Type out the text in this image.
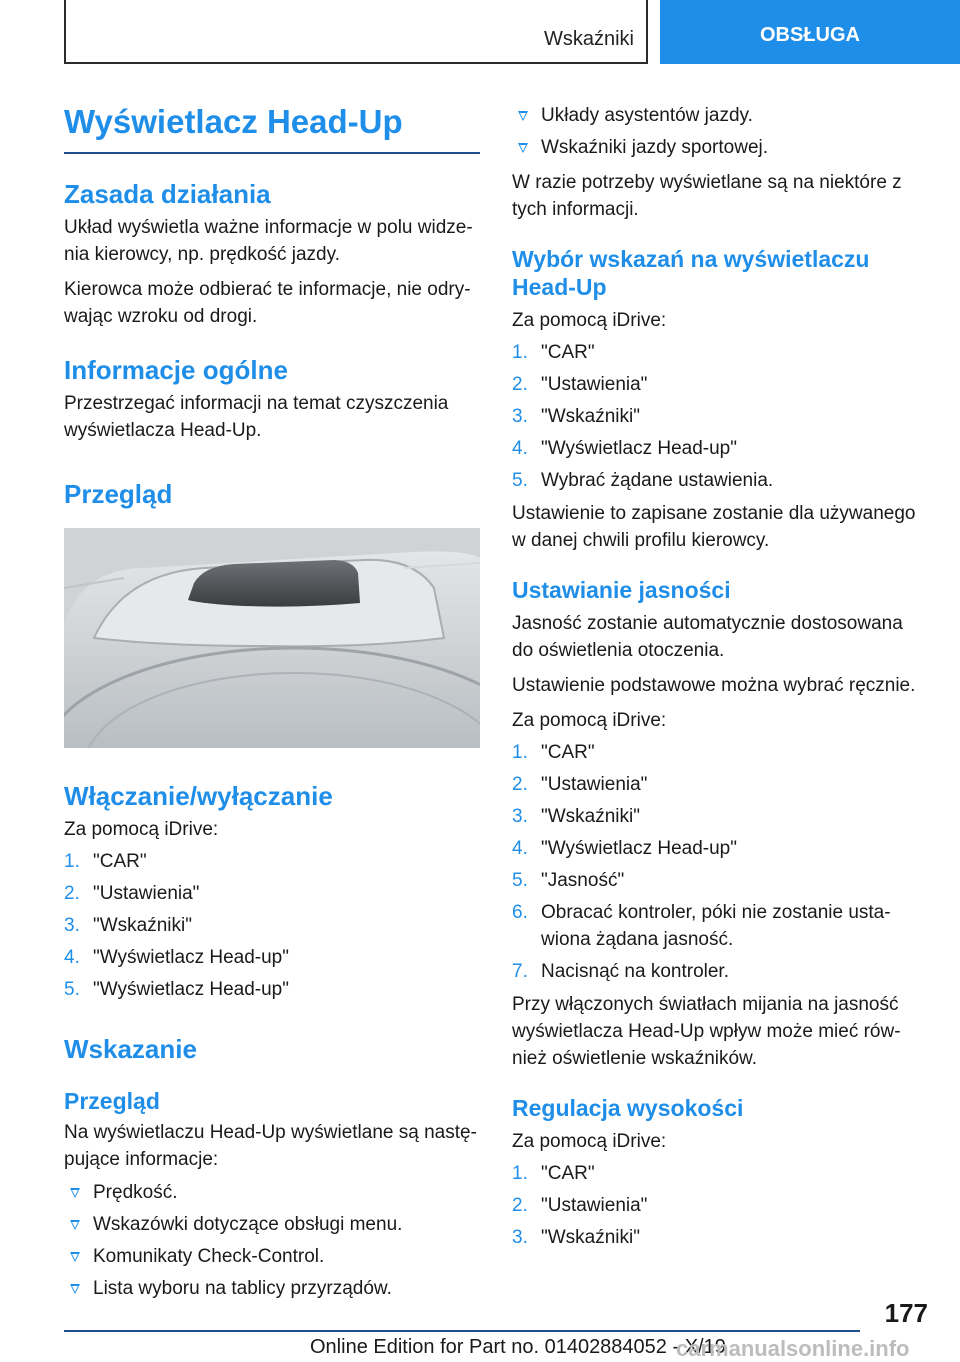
Wskaźniki	OBSŁUGA
Wyświetlacz Head-Up
Zasada działania

Układ wyświetla ważne informacje w polu widze-nia kierowcy, np. prędkość jazdy.

Kierowca może odbierać te informacje, nie odry-wając wzroku od drogi.

Informacje ogólne

Przestrzegać informacji na temat czyszczenia wyświetlacza Head-Up.

Przegląd
Włączanie/wyłączanie

Za pomocą iDrive:

1. "CAR"
2. "Ustawienia"
3. "Wskaźniki"
4. "Wyświetlacz Head-up"
5. "Wyświetlacz Head-up"
Wskazanie
Przegląd

Na wyświetlaczu Head-Up wyświetlane są nastę-pujące informacje:

Prędkość.
Wskazówki dotyczące obsługi menu.
Komunikaty Check-Control.
Lista wyboru na tablicy przyrządów.
Układy asystentów jazdy.
Wskaźniki jazdy sportowej.

W razie potrzeby wyświetlane są na niektóre z tych informacji.

Wybór wskazań na wyświetlaczu Head-Up

Za pomocą iDrive:

1. "CAR"
2. "Ustawienia"
3. "Wskaźniki"
4. "Wyświetlacz Head-up"
5. Wybrać żądane ustawienia.

Ustawienie to zapisane zostanie dla używanego w danej chwili profilu kierowcy.

Ustawianie jasności

Jasność zostanie automatycznie dostosowana do oświetlenia otoczenia.

Ustawienie podstawowe można wybrać ręcznie.

Za pomocą iDrive:

1. "CAR"
2. "Ustawienia"
3. "Wskaźniki"
4. "Wyświetlacz Head-up"
5. "Jasność"
6. Obracać kontroler, póki nie zostanie usta-wiona żądana jasność.
7. Nacisnąć na kontroler.

Przy włączonych światłach mijania na jasność wyświetlacza Head-Up wpływ może mieć rów-nież oświetlenie wskaźników.

Regulacja wysokości

Za pomocą iDrive:

1. "CAR"
2. "Ustawienia"
3. "Wskaźniki"
177
Online Edition for Part no. 01402884052 - X/19
carmanualsonline.info
